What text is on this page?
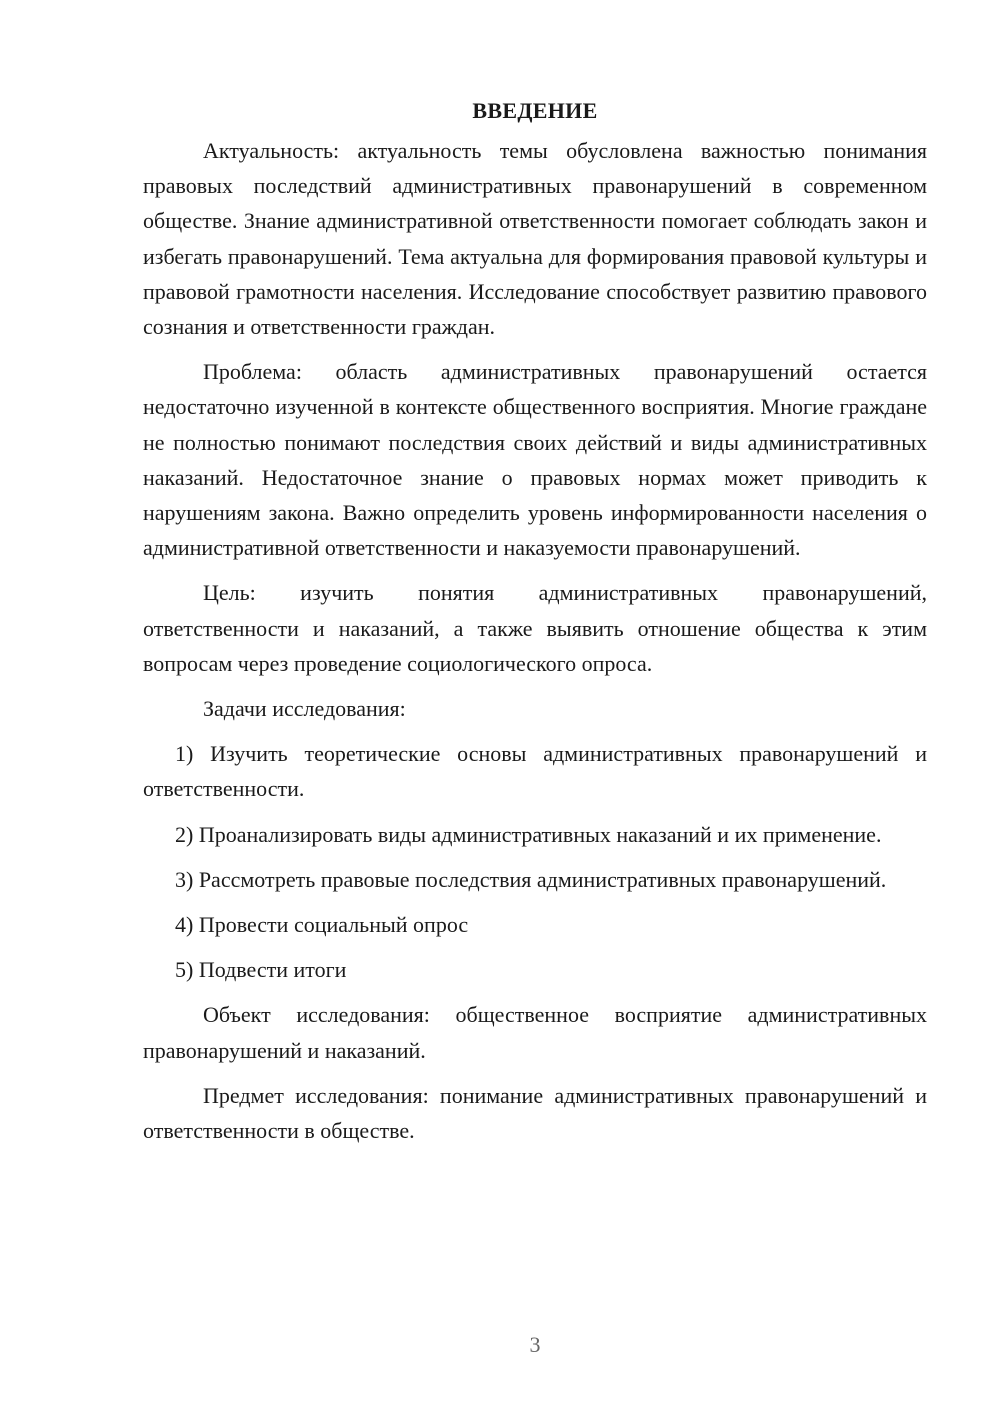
ВВЕДЕНИЕ

Актуальность: актуальность темы обусловлена важностью понимания правовых последствий административных правонарушений в современном обществе. Знание административной ответственности помогает соблюдать закон и избегать правонарушений. Тема актуальна для формирования правовой культуры и правовой грамотности населения. Исследование способствует развитию правового сознания и ответственности граждан.

Проблема: область административных правонарушений остается недостаточно изученной в контексте общественного восприятия. Многие граждане не полностью понимают последствия своих действий и виды административных наказаний. Недостаточное знание о правовых нормах может приводить к нарушениям закона. Важно определить уровень информированности населения о административной ответственности и наказуемости правонарушений.

Цель: изучить понятия административных правонарушений, ответственности и наказаний, а также выявить отношение общества к этим вопросам через проведение социологического опроса.

Задачи исследования:

1) Изучить теоретические основы административных правонарушений и ответственности.

2) Проанализировать виды административных наказаний и их применение.

3) Рассмотреть правовые последствия административных правонарушений.

4) Провести социальный опрос

5) Подвести итоги

Объект исследования: общественное восприятие административных правонарушений и наказаний.

Предмет исследования: понимание административных правонарушений и ответственности в обществе.

3
